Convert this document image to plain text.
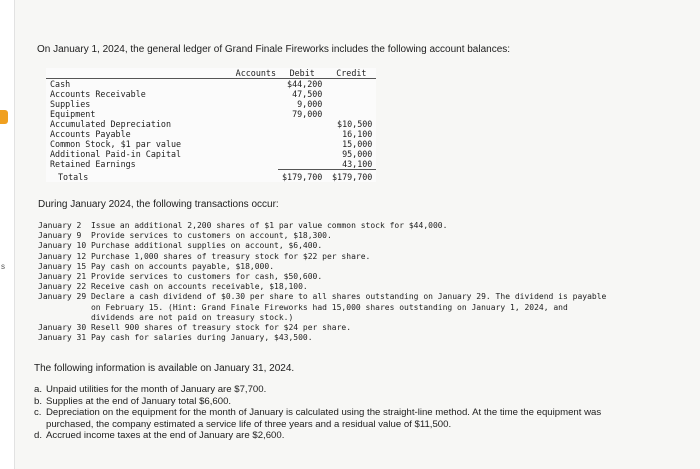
s

On January 1, 2024, the general ledger of Grand Finale Fireworks includes the following account balances:

Accounts	Debit	Credit
Cash	$44,200	
Accounts Receivable	47,500	
Supplies	9,000	
Equipment	79,000	
Accumulated Depreciation		$10,500
Accounts Payable		16,100
Common Stock, $1 par value		15,000
Additional Paid-in Capital		95,000
Retained Earnings		43,100
Totals	$179,700	$179,700

During January 2024, the following transactions occur:

January 2  Issue an additional 2,200 shares of $1 par value common stock for $44,000.
January 9  Provide services to customers on account, $18,300.
January 10 Purchase additional supplies on account, $6,400.
January 12 Purchase 1,000 shares of treasury stock for $22 per share.
January 15 Pay cash on accounts payable, $18,000.
January 21 Provide services to customers for cash, $50,600.
January 22 Receive cash on accounts receivable, $18,100.
January 29 Declare a cash dividend of $0.30 per share to all shares outstanding on January 29. The dividend is payable
on February 15. (Hint: Grand Finale Fireworks had 15,000 shares outstanding on January 1, 2024, and
dividends are not paid on treasury stock.)
January 30 Resell 900 shares of treasury stock for $24 per share.
January 31 Pay cash for salaries during January, $43,500.

The following information is available on January 31, 2024.

a. Unpaid utilities for the month of January are $7,700.
b. Supplies at the end of January total $6,600.
c. Depreciation on the equipment for the month of January is calculated using the straight-line method. At the time the equipment was
purchased, the company estimated a service life of three years and a residual value of $11,500.
d. Accrued income taxes at the end of January are $2,600.
